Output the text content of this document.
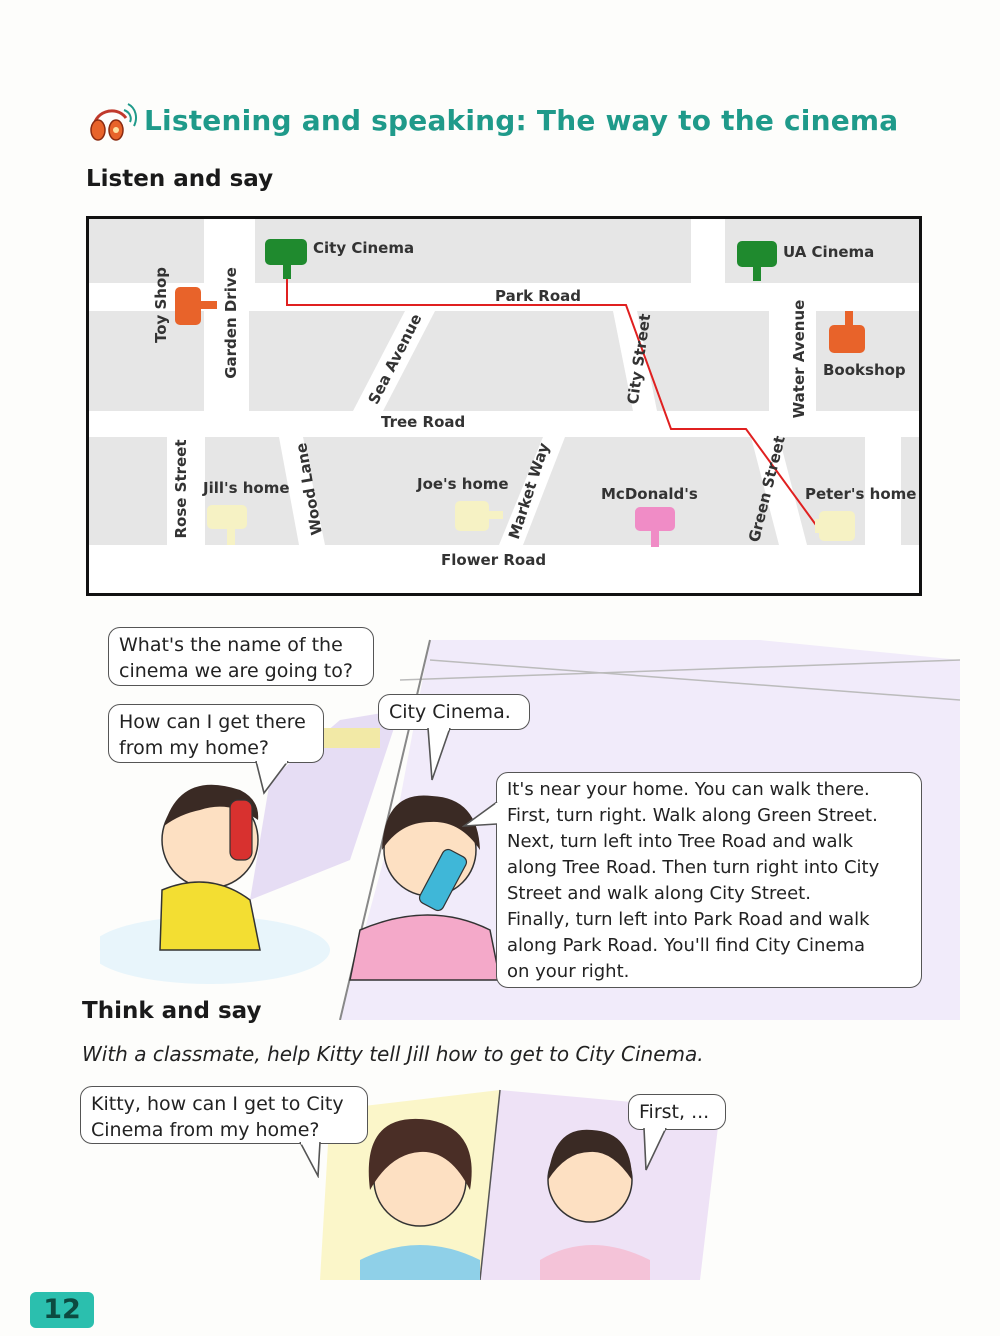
Listening and speaking: The way to the cinema
Listen and say
City Cinema	UA Cinema
Park Road
Toy Shop	Garden Drive	Sea Avenue	City Street	Water Avenue Bookshop
Tree Road
Rose Street Jill's home Wood Lane	Joe's home
Market Way	McDonald's	Green Street Peter's home
Flower Road
What's the name of the
cinema we are going to?
City Cinema.
How can I get there
from my home?
It's near your home. You can walk there.
First, turn right. Walk along Green Street.
Next, turn left into Tree Road and walk
along Tree Road. Then turn right into City
Street and walk along City Street.
Finally, turn left into Park Road and walk
along Park Road. You'll find City Cinema
on your right.
Think and say
With a classmate, help Kitty tell Jill how to get to City Cinema.
Kitty, how can I get to City
Cinema from my home?
First, ...
12
